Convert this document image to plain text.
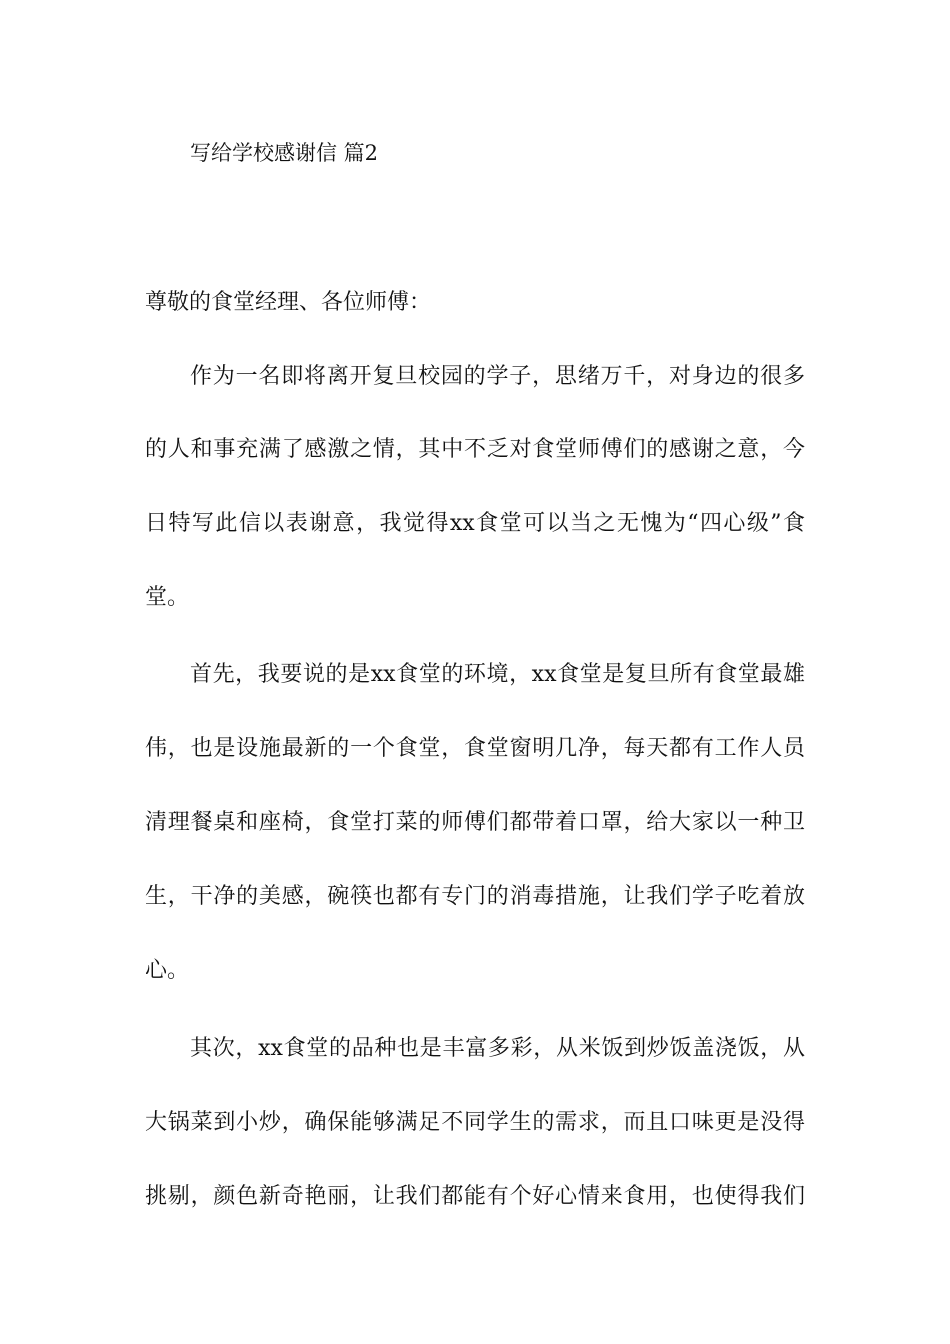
写给学校感谢信 篇2
尊敬的食堂经理、各位师傅：
作为一名即将离开复旦校园的学子，思绪万千，对身边的很多
的人和事充满了感激之情，其中不乏对食堂师傅们的感谢之意，今
日特写此信以表谢意，我觉得xx食堂可以当之无愧为“四心级”食
堂。
首先，我要说的是xx食堂的环境，xx食堂是复旦所有食堂最雄
伟，也是设施最新的一个食堂，食堂窗明几净，每天都有工作人员
清理餐桌和座椅，食堂打菜的师傅们都带着口罩，给大家以一种卫
生，干净的美感，碗筷也都有专门的消毒措施，让我们学子吃着放
心。
其次，xx食堂的品种也是丰富多彩，从米饭到炒饭盖浇饭，从
大锅菜到小炒，确保能够满足不同学生的需求，而且口味更是没得
挑剔，颜色新奇艳丽，让我们都能有个好心情来食用，也使得我们
